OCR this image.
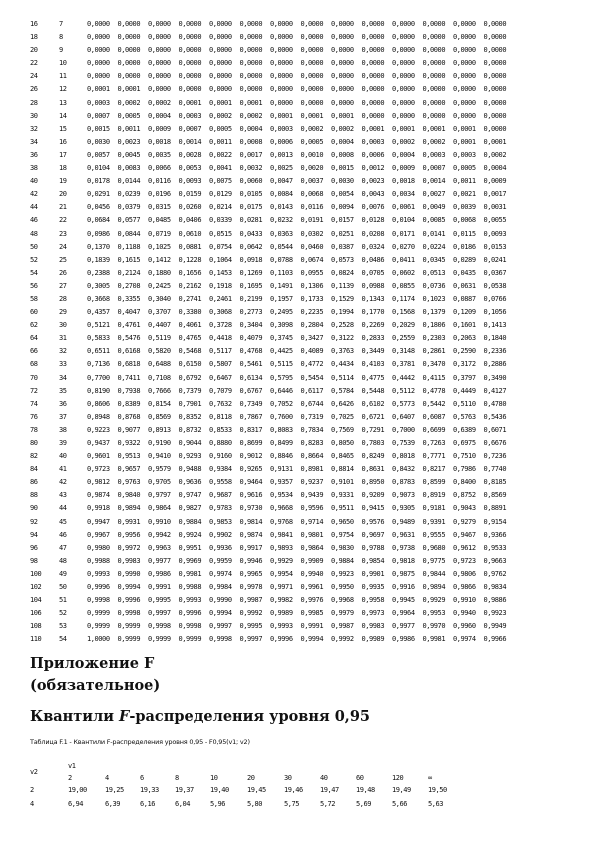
16	7	0,0000	0,0000	0,0000	0,0000	0,0000	0,0000	0,0000	0,0000	0,0000	0,0000	0,0000	0,0000	0,0000	0,0000
18	8	0,0000	0,0000	0,0000	0,0000	0,0000	0,0000	0,0000	0,0000	0,0000	0,0000	0,0000	0,0000	0,0000	0,0000
20	9	0,0000	0,0000	0,0000	0,0000	0,0000	0,0000	0,0000	0,0000	0,0000	0,0000	0,0000	0,0000	0,0000	0,0000
22	10	0,0000	0,0000	0,0000	0,0000	0,0000	0,0000	0,0000	0,0000	0,0000	0,0000	0,0000	0,0000	0,0000	0,0000
24	11	0,0000	0,0000	0,0000	0,0000	0,0000	0,0000	0,0000	0,0000	0,0000	0,0000	0,0000	0,0000	0,0000	0,0000
26	12	0,0001	0,0001	0,0000	0,0000	0,0000	0,0000	0,0000	0,0000	0,0000	0,0000	0,0000	0,0000	0,0000	0,0000
28	13	0,0003	0,0002	0,0002	0,0001	0,0001	0,0001	0,0000	0,0000	0,0000	0,0000	0,0000	0,0000	0,0000	0,0000
30	14	0,0007	0,0005	0,0004	0,0003	0,0002	0,0002	0,0001	0,0001	0,0001	0,0000	0,0000	0,0000	0,0000	0,0000
32	15	0,0015	0,0011	0,0009	0,0007	0,0005	0,0004	0,0003	0,0002	0,0002	0,0001	0,0001	0,0001	0,0001	0,0000
34	16	0,0030	0,0023	0,0018	0,0014	0,0011	0,0008	0,0006	0,0005	0,0004	0,0003	0,0002	0,0002	0,0001	0,0001
36	17	0,0057	0,0045	0,0035	0,0028	0,0022	0,0017	0,0013	0,0010	0,0008	0,0006	0,0004	0,0003	0,0003	0,0002
38	18	0,0104	0,0083	0,0066	0,0053	0,0041	0,0032	0,0025	0,0020	0,0015	0,0012	0,0009	0,0007	0,0005	0,0004
40	19	0,0178	0,0144	0,0116	0,0093	0,0075	0,0060	0,0047	0,0037	0,0030	0,0023	0,0018	0,0014	0,0011	0,0009
42	20	0,0291	0,0239	0,0196	0,0159	0,0129	0,0105	0,0084	0,0068	0,0054	0,0043	0,0034	0,0027	0,0021	0,0017
44	21	0,0456	0,0379	0,0315	0,0260	0,0214	0,0175	0,0143	0,0116	0,0094	0,0076	0,0061	0,0049	0,0039	0,0031
46	22	0,0684	0,0577	0,0485	0,0406	0,0339	0,0281	0,0232	0,0191	0,0157	0,0128	0,0104	0,0085	0,0068	0,0055
48	23	0,0986	0,0844	0,0719	0,0610	0,0515	0,0433	0,0363	0,0302	0,0251	0,0208	0,0171	0,0141	0,0115	0,0093
50	24	0,1370	0,1188	0,1025	0,0881	0,0754	0,0642	0,0544	0,0460	0,0387	0,0324	0,0270	0,0224	0,0186	0,0153
52	25	0,1839	0,1615	0,1412	0,1228	0,1064	0,0918	0,0788	0,0674	0,0573	0,0486	0,0411	0,0345	0,0289	0,0241
54	26	0,2388	0,2124	0,1880	0,1656	0,1453	0,1269	0,1103	0,0955	0,0824	0,0705	0,0602	0,0513	0,0435	0,0367
56	27	0,3005	0,2708	0,2425	0,2162	0,1918	0,1695	0,1491	0,1306	0,1139	0,0988	0,0855	0,0736	0,0631	0,0538
58	28	0,3668	0,3355	0,3040	0,2741	0,2461	0,2199	0,1957	0,1733	0,1529	0,1343	0,1174	0,1023	0,0887	0,0766
60	29	0,4357	0,4047	0,3707	0,3380	0,3068	0,2773	0,2495	0,2235	0,1994	0,1770	0,1568	0,1379	0,1209	0,1056
62	30	0,5121	0,4761	0,4407	0,4061	0,3728	0,3404	0,3098	0,2804	0,2528	0,2269	0,2029	0,1806	0,1601	0,1413
64	31	0,5833	0,5476	0,5119	0,4765	0,4418	0,4079	0,3745	0,3427	0,3122	0,2833	0,2559	0,2303	0,2063	0,1840
66	32	0,6511	0,6168	0,5820	0,5468	0,5117	0,4768	0,4425	0,4089	0,3763	0,3449	0,3148	0,2861	0,2590	0,2336
68	33	0,7136	0,6818	0,6488	0,6150	0,5807	0,5461	0,5115	0,4772	0,4434	0,4103	0,3781	0,3470	0,3172	0,2886
70	34	0,7700	0,7411	0,7108	0,6792	0,6467	0,6134	0,5795	0,5454	0,5114	0,4775	0,4442	0,4115	0,3797	0,3490
72	35	0,8190	0,7938	0,7666	0,7379	0,7079	0,6767	0,6446	0,6117	0,5784	0,5448	0,5112	0,4778	0,4449	0,4127
74	36	0,8606	0,8389	0,8154	0,7901	0,7632	0,7349	0,7052	0,6744	0,6426	0,6102	0,5773	0,5442	0,5110	0,4780
76	37	0,8948	0,8768	0,8569	0,8352	0,8118	0,7867	0,7600	0,7319	0,7025	0,6721	0,6407	0,6087	0,5763	0,5436
78	38	0,9223	0,9077	0,8913	0,8732	0,8533	0,8317	0,8083	0,7834	0,7569	0,7291	0,7000	0,6699	0,6389	0,6071
80	39	0,9437	0,9322	0,9190	0,9044	0,8880	0,8699	0,8499	0,8283	0,8050	0,7803	0,7539	0,7263	0,6975	0,6676
82	40	0,9601	0,9513	0,9410	0,9293	0,9160	0,9012	0,8846	0,8664	0,8465	0,8249	0,8018	0,7771	0,7510	0,7236
84	41	0,9723	0,9657	0,9579	0,9488	0,9384	0,9265	0,9131	0,8981	0,8814	0,8631	0,8432	0,8217	0,7986	0,7740
86	42	0,9812	0,9763	0,9705	0,9636	0,9558	0,9464	0,9357	0,9237	0,9101	0,8950	0,8783	0,8599	0,8400	0,8185
88	43	0,9874	0,9840	0,9797	0,9747	0,9687	0,9616	0,9534	0,9439	0,9331	0,9209	0,9073	0,8919	0,8752	0,8569
90	44	0,9918	0,9894	0,9864	0,9827	0,9783	0,9730	0,9668	0,9596	0,9511	0,9415	0,9305	0,9181	0,9043	0,8891
92	45	0,9947	0,9931	0,9910	0,9884	0,9853	0,9814	0,9768	0,9714	0,9650	0,9576	0,9489	0,9391	0,9279	0,9154
94	46	0,9967	0,9956	0,9942	0,9924	0,9902	0,9874	0,9841	0,9801	0,9754	0,9697	0,9631	0,9555	0,9467	0,9366
96	47	0,9980	0,9972	0,9963	0,9951	0,9936	0,9917	0,9893	0,9864	0,9830	0,9788	0,9738	0,9680	0,9612	0,9533
98	48	0,9988	0,9983	0,9977	0,9969	0,9959	0,9946	0,9929	0,9909	0,9884	0,9854	0,9818	0,9775	0,9723	0,9663
100	49	0,9993	0,9990	0,9986	0,9981	0,9974	0,9965	0,9954	0,9940	0,9923	0,9901	0,9875	0,9844	0,9806	0,9762
102	50	0,9996	0,9994	0,9991	0,9988	0,9984	0,9978	0,9971	0,9961	0,9950	0,9935	0,9916	0,9894	0,9866	0,9834
104	51	0,9998	0,9996	0,9995	0,9993	0,9990	0,9987	0,9982	0,9976	0,9968	0,9958	0,9945	0,9929	0,9910	0,9886
106	52	0,9999	0,9998	0,9997	0,9996	0,9994	0,9992	0,9989	0,9985	0,9979	0,9973	0,9964	0,9953	0,9940	0,9923
108	53	0,9999	0,9999	0,9998	0,9998	0,9997	0,9995	0,9993	0,9991	0,9987	0,9983	0,9977	0,9970	0,9960	0,9949
110	54	1,0000	0,9999	0,9999	0,9999	0,9998	0,9997	0,9996	0,9994	0,9992	0,9989	0,9986	0,9981	0,9974	0,9966
Приложение F
(обязательное)
Квантили F-распределения уровня 0,95
Таблица F.1 - Квантили F-распределения уровня 0,95 - F0,95(v1; v2)
v1
v2
2	4	6	8	10	20	30	40	60	120	∞
2	19,00	19,25 19,33 19,37 19,40	19,45	19,46 19,47 19,48 19,49 19,50
4	6,94	6,39	6,16	6,04	5,96	5,80	5,75	5,72	5,69	5,66	5,63
